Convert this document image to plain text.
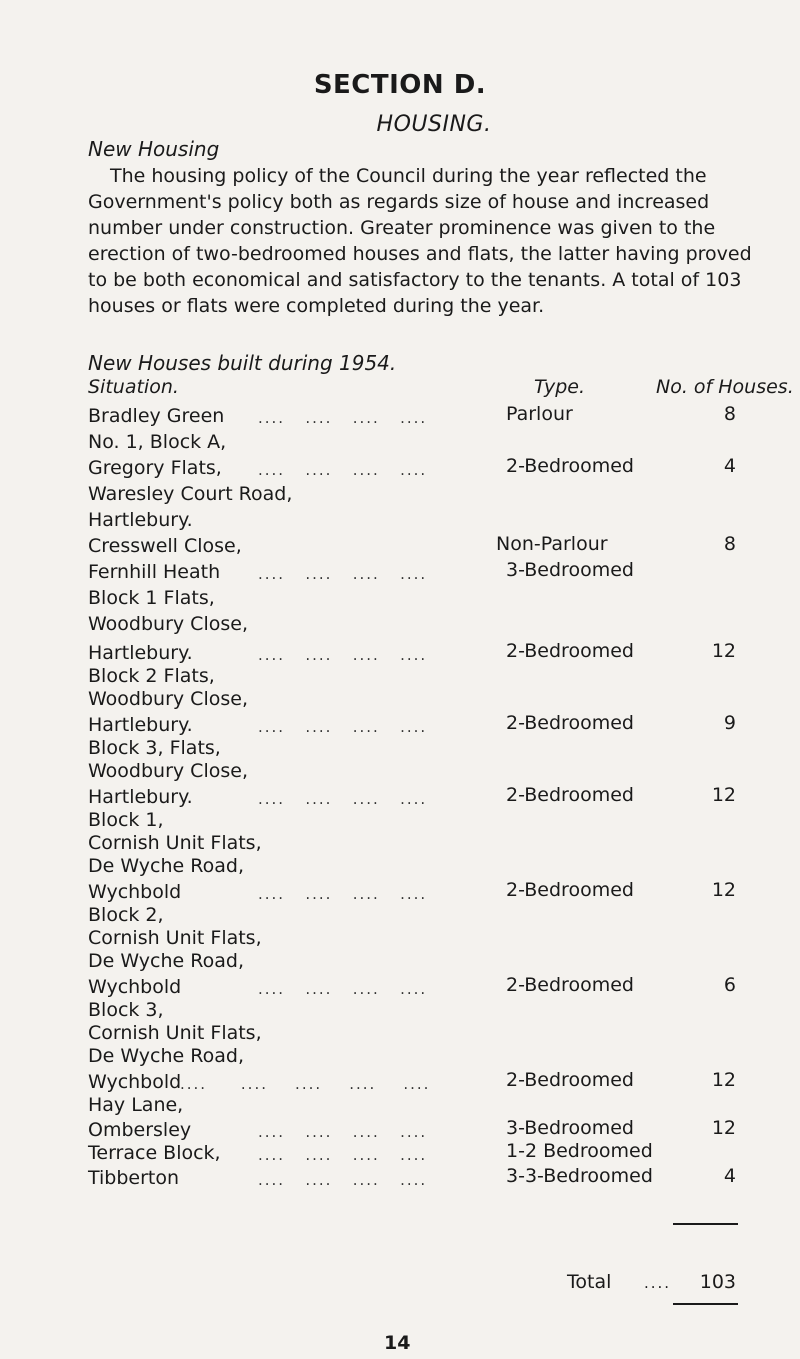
SECTION D.
HOUSING.
New Housing
The housing policy of the Council during the year reflected the
Government's policy both as regards size of house and increased
number under construction. Greater prominence was given to the
erection of two-bedroomed houses and flats, the latter having proved
to be both economical and satisfactory to the tenants. A total of 103
houses or flats were completed during the year.
New Houses built during 1954.
Situation.	Type.	No. of Houses.
Bradley Green
No. 1, Block A,
Gregory Flats,
Waresley Court Road,
Hartlebury.
Cresswell Close,
Fernhill Heath
Block 1 Flats,
Woodbury Close,
Hartlebury.
Block 2 Flats,
Woodbury Close,
Hartlebury.
Block 3, Flats,
Woodbury Close,
Hartlebury.
Block 1,
Cornish Unit Flats,
De Wyche Road,
Wychbold
Block 2,
Cornish Unit Flats,
De Wyche Road,
Wychbold
Block 3,
Cornish Unit Flats,
De Wyche Road,
Wychbold
Hay Lane,
Ombersley
Terrace Block,
Tibberton
....   ....   ....   ....
....   ....   ....   ....
....   ....   ....   ....
....   ....   ....   ....
....   ....   ....   ....
....   ....   ....   ....
....   ....   ....   ....
....   ....   ....   ....
....     ....    ....    ....    ....
....   ....   ....   ....
....   ....   ....   ....
....   ....   ....   ....
Parlour
2-Bedroomed
Non-Parlour
3-Bedroomed
2-Bedroomed
2-Bedroomed
2-Bedroomed
2-Bedroomed
2-Bedroomed
2-Bedroomed
3-Bedroomed
1-2 Bedroomed
3-3-Bedroomed
8
4
8
12
9
12
12
6
12
12
4
Total .... 103
14
